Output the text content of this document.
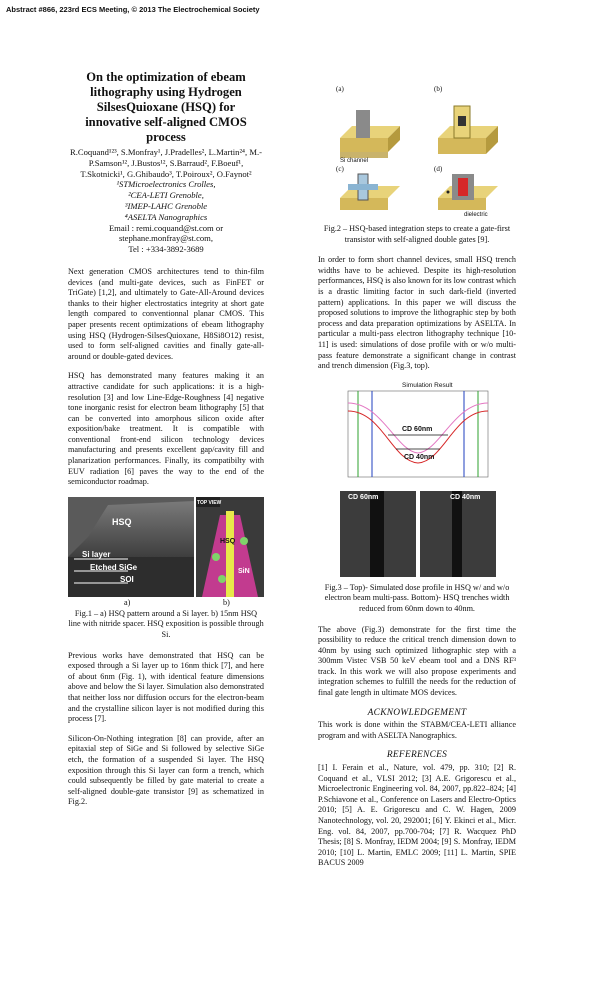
Abstract #866, 223rd ECS Meeting, © 2013 The Electrochemical Society
On the optimization of ebeam lithography using Hydrogen SilsesQuioxane (HSQ) for innovative self-aligned CMOS process
R.Coquand¹²³, S.Monfray¹, J.Pradelles², L.Martin²⁴, M.-P.Samson¹², J.Bustos¹², S.Barraud², F.Boeuf¹, T.Skotnicki¹, G.Ghibaudo³, T.Poiroux², O.Faynot²
¹STMicroelectronics Crolles,
²CEA-LETI Grenoble,
³IMEP-LAHC Grenoble
⁴ASELTA Nanographics
Email : remi.coquand@st.com or stephane.monfray@st.com,
Tel : +334-3892-3689

Next generation CMOS architectures tend to thin-film devices (and multi-gate devices, such as FinFET or TriGate) [1,2], and ultimately to Gate-All-Around devices thanks to their higher electrostatics integrity at short gate length compared to conventionnal planar CMOS. This paper presents recent optimizations of ebeam lithography using HSQ (Hydrogen-SilsesQuioxane, H8Si8O12) resist, used to form self-aligned cavities and finally gate-all-around or double-gated devices.

HSQ has demonstrated many features making it an attractive candidate for such applications: it is a high-resolution [3] and low Line-Edge-Roughness [4] negative tone inorganic resist for electron beam lithography [5] that can be converted into amorphous silicon oxide after exposition/bake treatment. It is compatible with conventional front-end silicon technology devices manufacturing and presents excellent gap/cavity fill and planarization performances. Finally, its compatibilty with EUV radiation [6] paves the way to the end of the semiconductor roadmap.

HSQ
Si layer
Etched SiGe
SOI
TOP VIEW
HSQ
SiN
a)	b)
Fig.1 – a) HSQ pattern around a Si layer. b) 15nm HSQ line with nitride spacer. HSQ exposition is possible through Si.

Previous works have demonstrated that HSQ can be exposed through a Si layer up to 16nm thick [7], and here of about 6nm (Fig. 1), with identical feature dimensions above and below the Si layer. Simulation also demonstrated that neither loss nor diffusion occurs for the electron-beam and the crystalline silicon layer is not modified during this process [7].

Silicon-On-Nothing integration [8] can provide, after an epitaxial step of SiGe and Si followed by selective SiGe etch, the formation of a suspended Si layer. The HSQ exposition through this Si layer can form a trench, which could subsequently be filled by gate material to create a self-aligned double-gate transistor [9] as schematized in Fig.2.

(a)	(b)
(c)	(d)
Si channel
dielectric
Fig.2 – HSQ-based integration steps to create a gate-first transistor with self-aligned double gates [9].

In order to form short channel devices, small HSQ trench widths have to be achieved. Despite its high-resolution performances, HSQ is also known for its low contrast which is a drastic limiting factor in such dark-field (inverted pattern) applications. In this paper we will discuss the proposed solutions to improve the lithographic step by both process and data preparation optimizations by ASELTA. In particular a multi-pass electron lithography technique [10-11] is used: simulations of dose profile with or w/o multi-pass feature demonstrate a significant change in contrast and trench dimension (Fig.3, top).

Simulation Result
CD 60nm
CD 40nm
CD 60nm	CD 40nm
Fig.3 – Top)- Simulated dose profile in HSQ w/ and w/o electron beam multi-pass. Bottom)- HSQ trenches width reduced from 60nm down to 40nm.

The above (Fig.3) demonstrate for the first time the possibility to reduce the critical trench dimension down to 40nm by using such optimized lithographic step with a 300mm Vistec VSB 50 keV ebeam tool and a DNS RF³ track. In this work we will also propose experiments and integration schemes to fulfill the needs for the reduction of final gate length in ultimate MOS devices.

ACKNOWLEDGEMENT

This work is done within the STABM/CEA-LETI alliance program and with ASELTA Nanographics.

REFERENCES

[1] I. Ferain et al., Nature, vol. 479, pp. 310; [2] R. Coquand et al., VLSI 2012; [3] A.E. Grigorescu et al., Microelectronic Engineering vol. 84, 2007, pp.822–824; [4] P.Schiavone et al., Conference on Lasers and Electro-Optics 2010; [5] A. E. Grigorescu and C. W. Hagen, 2009 Nanotechnology, vol. 20, 292001; [6] Y. Ekinci et al., Micr. Eng. vol. 84, 2007, pp.700-704; [7] R. Wacquez PhD Thesis; [8] S. Monfray, IEDM 2004; [9] S. Monfray, IEDM 2010; [10] L. Martin, EMLC 2009; [11] L. Martin, SPIE BACUS 2009
